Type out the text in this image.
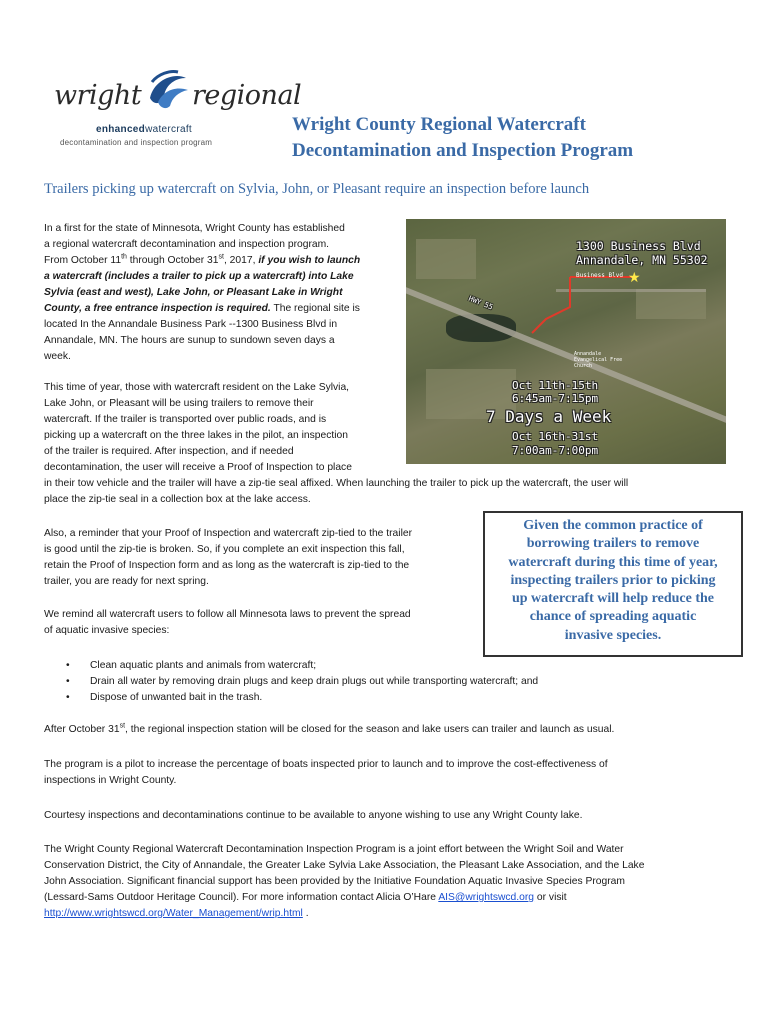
wright regional
enhancedwatercraft
decontamination and inspection program
Wright County Regional Watercraft
Decontamination and Inspection Program
Trailers picking up watercraft on Sylvia, John, or Pleasant require an inspection before launch
In a first for the state of Minnesota, Wright County has established
a regional watercraft decontamination and inspection program.
From October 11th through October 31st, 2017, if you wish to launch
a watercraft (includes a trailer to pick up a watercraft) into Lake
Sylvia (east and west), Lake John, or Pleasant Lake in Wright
County, a free entrance inspection is required. The regional site is
located In the Annandale Business Park --1300 Business Blvd in
Annandale, MN. The hours are sunup to sundown seven days a
week.
★
1300 Business Blvd
Annandale, MN 55302
Business Blvd
HWY 55
Annandale Evangelical Free Church
Oct 11th-15th
6:45am-7:15pm
7 Days a Week
Oct 16th-31st
7:00am-7:00pm
This time of year, those with watercraft resident on the Lake Sylvia,
Lake John, or Pleasant will be using trailers to remove their
watercraft. If the trailer is transported over public roads, and is
picking up a watercraft on the three lakes in the pilot, an inspection
of the trailer is required. After inspection, and if needed
decontamination, the user will receive a Proof of Inspection to place
in their tow vehicle and the trailer will have a zip-tie seal affixed. When launching the trailer to pick up the watercraft, the user will
place the zip-tie seal in a collection box at the lake access.
Also, a reminder that your Proof of Inspection and watercraft zip-tied to the trailer
is good until the zip-tie is broken. So, if you complete an exit inspection this fall,
retain the Proof of Inspection form and as long as the watercraft is zip-tied to the
trailer, you are ready for next spring.
We remind all watercraft users to follow all Minnesota laws to prevent the spread
of aquatic invasive species:
Given the common practice of
borrowing trailers to remove
watercraft during this time of year,
inspecting trailers prior to picking
up watercraft will help reduce the
chance of spreading aquatic
invasive species.
• Clean aquatic plants and animals from watercraft;
• Drain all water by removing drain plugs and keep drain plugs out while transporting watercraft; and
• Dispose of unwanted bait in the trash.
After October 31st, the regional inspection station will be closed for the season and lake users can trailer and launch as usual.
The program is a pilot to increase the percentage of boats inspected prior to launch and to improve the cost-effectiveness of
inspections in Wright County.
Courtesy inspections and decontaminations continue to be available to anyone wishing to use any Wright County lake.
The Wright County Regional Watercraft Decontamination Inspection Program is a joint effort between the Wright Soil and Water
Conservation District, the City of Annandale, the Greater Lake Sylvia Lake Association, the Pleasant Lake Association, and the Lake
John Association. Significant financial support has been provided by the Initiative Foundation Aquatic Invasive Species Program
(Lessard-Sams Outdoor Heritage Council). For more information contact Alicia O’Hare AIS@wrightswcd.org or visit
http://www.wrightswcd.org/Water_Management/wrip.html .
